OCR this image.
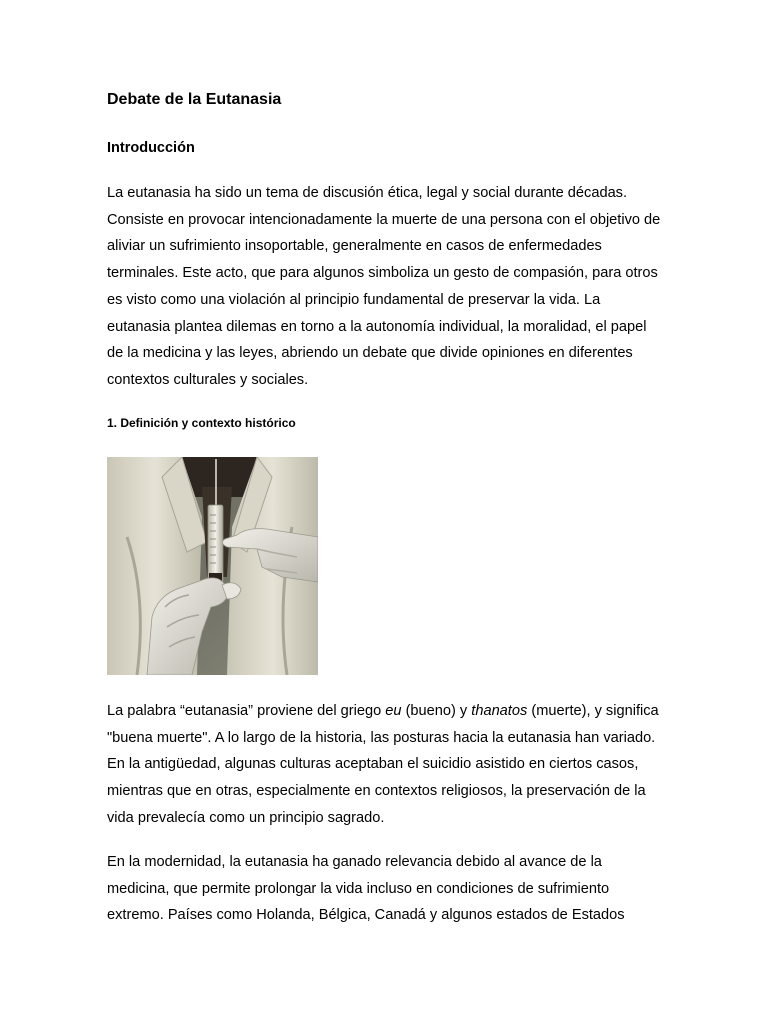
Debate de la Eutanasia
Introducción

La eutanasia ha sido un tema de discusión ética, legal y social durante décadas. Consiste en provocar intencionadamente la muerte de una persona con el objetivo de aliviar un sufrimiento insoportable, generalmente en casos de enfermedades terminales. Este acto, que para algunos simboliza un gesto de compasión, para otros es visto como una violación al principio fundamental de preservar la vida. La eutanasia plantea dilemas en torno a la autonomía individual, la moralidad, el papel de la medicina y las leyes, abriendo un debate que divide opiniones en diferentes contextos culturales y sociales.

1. Definición y contexto histórico

La palabra “eutanasia” proviene del griego eu (bueno) y thanatos (muerte), y significa "buena muerte". A lo largo de la historia, las posturas hacia la eutanasia han variado. En la antigüedad, algunas culturas aceptaban el suicidio asistido en ciertos casos, mientras que en otras, especialmente en contextos religiosos, la preservación de la vida prevalecía como un principio sagrado.

En la modernidad, la eutanasia ha ganado relevancia debido al avance de la medicina, que permite prolongar la vida incluso en condiciones de sufrimiento extremo. Países como Holanda, Bélgica, Canadá y algunos estados de Estados
